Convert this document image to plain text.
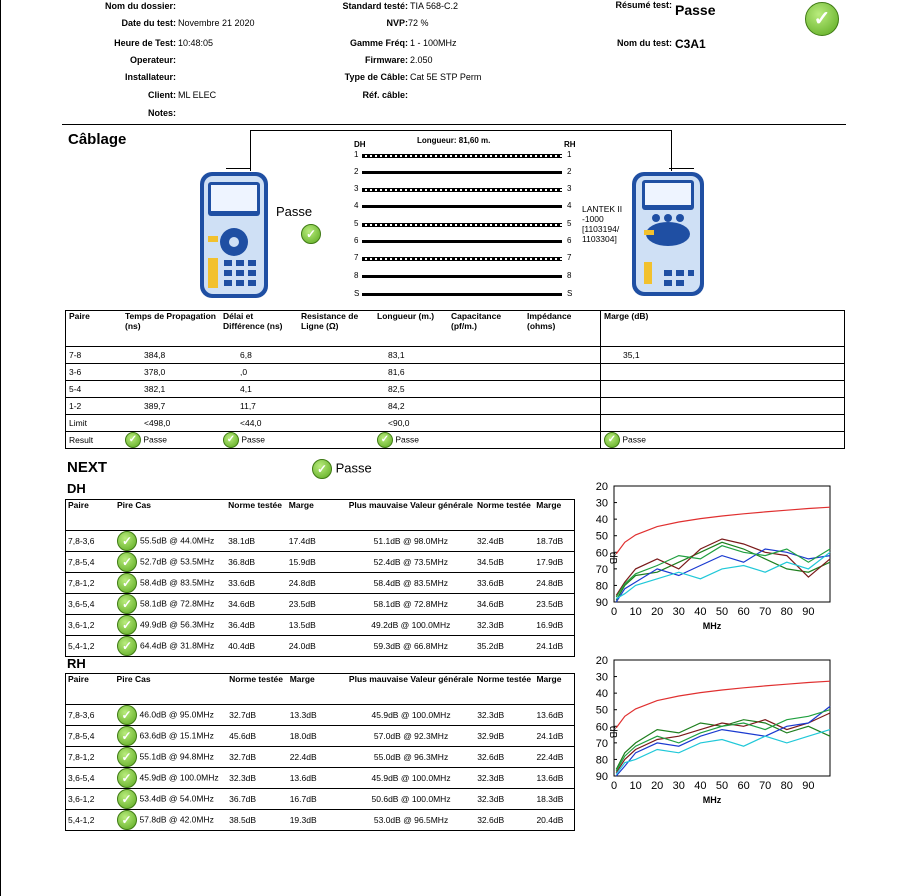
Nom du dossier:
Date du test: Novembre 21 2020
Heure de Test: 10:48:05
Operateur:
Installateur:
Client: ML ELEC
Notes:
Standard testé: TIA 568-C.2
NVP: 72 %
Gamme Fréq: 1 - 100MHz
Firmware: 2.050
Type de Câble: Cat 5E STP Perm
Réf. câble:
Résumé test: Passe	✓
Nom du test: C3A1
Câblage
Passe
✓
DH	Longueur: 81,60 m.	RH
1	1
2	2
3	3
4	4
5	5
6	6
7	7
8	8
S	S
LANTEK II
-1000
[1103194/
1103304]
Paire	Temps de Propagation (ns)	Délai et Différence (ns)	Resistance de Ligne (Ω)	Longueur (m.)	Capacitance (pf/m.)	Impédance (ohms)	Marge (dB)
7-8	384,8	6,8		83,1			35,1
3-6	378,0	,0		81,6			
5-4	382,1	4,1		82,5			
1-2	389,7	11,7		84,2			
Limit	<498,0	<44,0		<90,0			
Result	✓ Passe	✓ Passe		✓ Passe			✓ Passe
NEXT	✓ Passe
DH
Paire	Pire Cas	Norme testée	Marge	Plus mauvaise Valeur générale	Norme testée	Marge
7,8-3,6	✓ 55.5dB @ 44.0MHz	38.1dB	17.4dB	51.1dB @ 98.0MHz	32.4dB	18.7dB
7,8-5,4	✓ 52.7dB @ 53.5MHz	36.8dB	15.9dB	52.4dB @ 73.5MHz	34.5dB	17.9dB
7,8-1,2	✓ 58.4dB @ 83.5MHz	33.6dB	24.8dB	58.4dB @ 83.5MHz	33.6dB	24.8dB
3,6-5,4	✓ 58.1dB @ 72.8MHz	34.6dB	23.5dB	58.1dB @ 72.8MHz	34.6dB	23.5dB
3,6-1,2	✓ 49.9dB @ 56.3MHz	36.4dB	13.5dB	49.2dB @ 100.0MHz	32.3dB	16.9dB
5,4-1,2	✓ 64.4dB @ 31.8MHz	40.4dB	24.0dB	59.3dB @ 66.8MHz	35.2dB	24.1dB
RH
Paire	Pire Cas	Norme testée	Marge	Plus mauvaise Valeur générale	Norme testée	Marge
7,8-3,6	✓ 46.0dB @ 95.0MHz	32.7dB	13.3dB	45.9dB @ 100.0MHz	32.3dB	13.6dB
7,8-5,4	✓ 63.6dB @ 15.1MHz	45.6dB	18.0dB	57.0dB @ 92.3MHz	32.9dB	24.1dB
7,8-1,2	✓ 55.1dB @ 94.8MHz	32.7dB	22.4dB	55.0dB @ 96.3MHz	32.6dB	22.4dB
3,6-5,4	✓ 45.9dB @ 100.0MHz	32.3dB	13.6dB	45.9dB @ 100.0MHz	32.3dB	13.6dB
3,6-1,2	✓ 53.4dB @ 54.0MHz	36.7dB	16.7dB	50.6dB @ 100.0MHz	32.3dB	18.3dB
5,4-1,2	✓ 57.8dB @ 42.0MHz	38.5dB	19.3dB	53.0dB @ 96.5MHz	32.6dB	20.4dB
20
30
40
50
60
70
80
90
0 10 20 30 40 50 60 70 80 90
MHz
dB
20
30
40
50
60
70
80
90
0 10 20 30 40 50 60 70 80 90
MHz
dB
